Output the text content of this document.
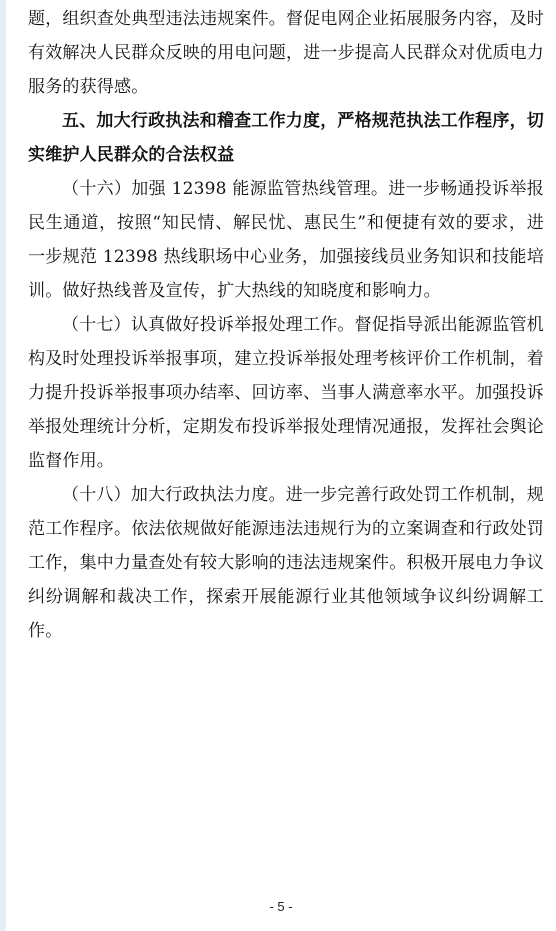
题，组织查处典型违法违规案件。督促电网企业拓展服务内容，及时有效解决人民群众反映的用电问题，进一步提高人民群众对优质电力服务的获得感。

五、加大行政执法和稽查工作力度，严格规范执法工作程序，切实维护人民群众的合法权益

（十六）加强 12398 能源监管热线管理。进一步畅通投诉举报民生通道，按照“知民情、解民忧、惠民生”和便捷有效的要求，进一步规范 12398 热线职场中心业务，加强接线员业务知识和技能培训。做好热线普及宣传，扩大热线的知晓度和影响力。

（十七）认真做好投诉举报处理工作。督促指导派出能源监管机构及时处理投诉举报事项，建立投诉举报处理考核评价工作机制，着力提升投诉举报事项办结率、回访率、当事人满意率水平。加强投诉举报处理统计分析，定期发布投诉举报处理情况通报，发挥社会舆论监督作用。

（十八）加大行政执法力度。进一步完善行政处罚工作机制，规范工作程序。依法依规做好能源违法违规行为的立案调查和行政处罚工作，集中力量查处有较大影响的违法违规案件。积极开展电力争议纠纷调解和裁决工作，探索开展能源行业其他领域争议纠纷调解工作。

- 5 -
